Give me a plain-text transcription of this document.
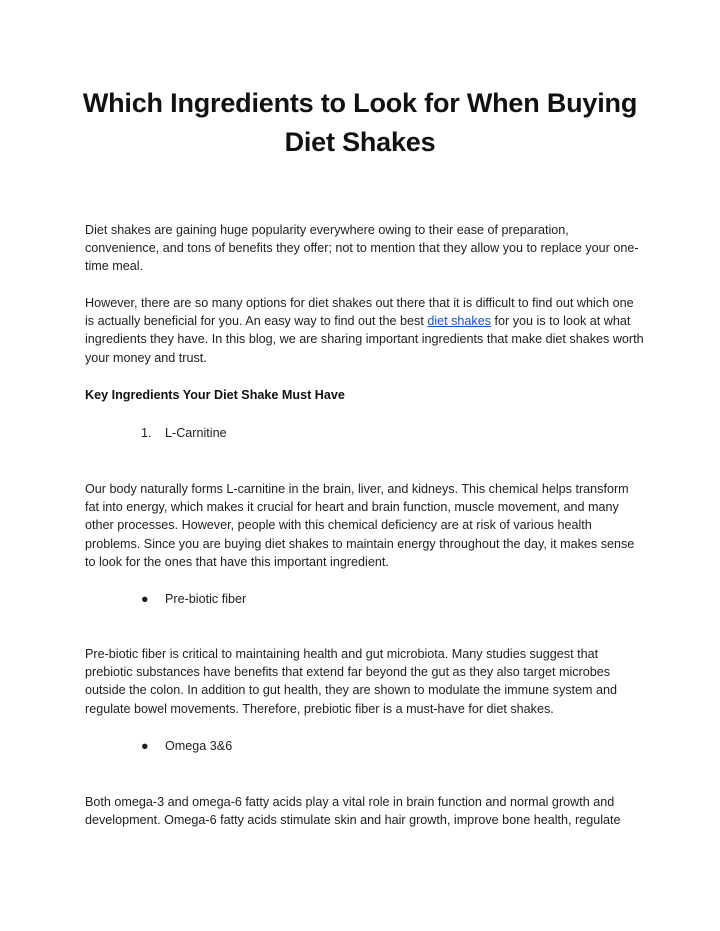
Which Ingredients to Look for When Buying Diet Shakes

Diet shakes are gaining huge popularity everywhere owing to their ease of preparation, convenience, and tons of benefits they offer; not to mention that they allow you to replace your one-time meal.

However, there are so many options for diet shakes out there that it is difficult to find out which one is actually beneficial for you. An easy way to find out the best diet shakes for you is to look at what ingredients they have. In this blog, we are sharing important ingredients that make diet shakes worth your money and trust.

Key Ingredients Your Diet Shake Must Have

1. L-Carnitine

Our body naturally forms L-carnitine in the brain, liver, and kidneys. This chemical helps transform fat into energy, which makes it crucial for heart and brain function, muscle movement, and many other processes. However, people with this chemical deficiency are at risk of various health problems. Since you are buying diet shakes to maintain energy throughout the day, it makes sense to look for the ones that have this important ingredient.

● Pre-biotic fiber

Pre-biotic fiber is critical to maintaining health and gut microbiota. Many studies suggest that prebiotic substances have benefits that extend far beyond the gut as they also target microbes outside the colon. In addition to gut health, they are shown to modulate the immune system and regulate bowel movements. Therefore, prebiotic fiber is a must-have for diet shakes.

● Omega 3&6

Both omega-3 and omega-6 fatty acids play a vital role in brain function and normal growth and development. Omega-6 fatty acids stimulate skin and hair growth, improve bone health, regulate
